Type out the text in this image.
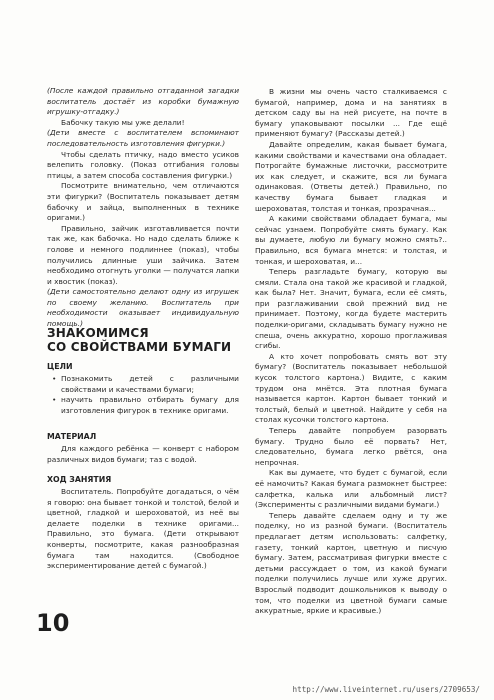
(После каждой правильно отгаданной загадки воспитатель достаёт из коробки бумажную игрушку-отгадку.)

Бабочку такую мы уже делали!

(Дети вместе с воспитателем вспоминают последовательность изготовления фигурки.)

Чтобы сделать птичку, надо вместо усиков велепить головку. (Показ отгибания головы птицы, а затем способа составления фигурки.)

Посмотрите внимательно, чем отличаются эти фигурки? (Воспитатель показывает детям бабочку и зайца, выполненных в технике оригами.)

Правильно, зайчик изготавливается почти так же, как бабочка. Но надо сделать ближе к голове и немного подлиннее (показ), чтобы получились длинные уши зайчика. Затем необходимо отогнуть уголки — получатся лапки и хвостик (показ).

(Дети самостоятельно делают одну из игрушек по своему желанию. Воспитатель при необходимости оказывает индивидуальную помощь.)

ЗНАКОМИМСЯ
СО СВОЙСТВАМИ БУМАГИ
ЦЕЛИ

• Познакомить детей с различными свойствами и качествами бумаги;

• научить правильно отбирать бумагу для изготовления фигурок в технике оригами.

МАТЕРИАЛ

Для каждого ребёнка — конверт с набором различных видов бумаги; таз с водой.

ХОД ЗАНЯТИЯ

Воспитатель. Попробуйте догадаться, о чём я говорю: она бывает тонкой и толстой, белой и цветной, гладкой и шероховатой, из неё вы делаете поделки в технике оригами... Правильно, это бумага. (Дети открывают конверты, посмотрите, какая разнообразная бумага там находится. (Свободное экспериментирование детей с бумагой.)

В жизни мы очень часто сталкиваемся с бумагой, например, дома и на занятиях в детском саду вы на ней рисуете, на почте в бумагу упаковывают посылки ... Где ещё применяют бумагу? (Рассказы детей.)

Давайте определим, какая бывает бумага, какими свойствами и качествами она обладает. Потрогайте бумажные листочки, рассмотрите их как следует, и скажите, вся ли бумага одинаковая. (Ответы детей.) Правильно, по качеству бумага бывает гладкая и шероховатая, толстая и тонкая, прозрачная...

А какими свойствами обладает бумага, мы сейчас узнаем. Попробуйте смять бумагу. Как вы думаете, любую ли бумагу можно смять?.. Правильно, вся бумага мнется: и толстая, и тонкая, и шероховатая, и...

Теперь разгладьте бумагу, которую вы смяли. Стала она такой же красивой и гладкой, как была? Нет. Значит, бумага, если её смять, при разглаживании свой прежний вид не принимает. Поэтому, когда будете мастерить поделки-оригами, складывать бумагу нужно не спеша, очень аккуратно, хорошо проглаживая сгибы.

А кто хочет попробовать смять вот эту бумагу? (Воспитатель показывает небольшой кусок толстого картона.) Видите, с каким трудом она мнётся. Эта плотная бумага называется картон. Картон бывает тонкий и толстый, белый и цветной. Найдите у себя на столах кусочки толстого картона.

Теперь давайте попробуем разорвать бумагу. Трудно было её порвать? Нет, следовательно, бумага легко рвётся, она непрочная.

Как вы думаете, что будет с бумагой, если её намочить? Какая бумага размокнет быстрее: салфетка, калька или альбомный лист? (Эксперименты с различными видами бумаги.)

Теперь давайте сделаем одну и ту же поделку, но из разной бумаги. (Воспитатель предлагает детям использовать: салфетку, газету, тонкий картон, цветную и писчую бумагу. Затем, рассматривая фигурки вместе с детьми рассуждает о том, из какой бумаги поделки получились лучше или хуже других. Взрослый подводит дошкольников к выводу о том, что поделки из цветной бумаги самые аккуратные, яркие и красивые.)

10
http://www.liveinternet.ru/users/2709653/
